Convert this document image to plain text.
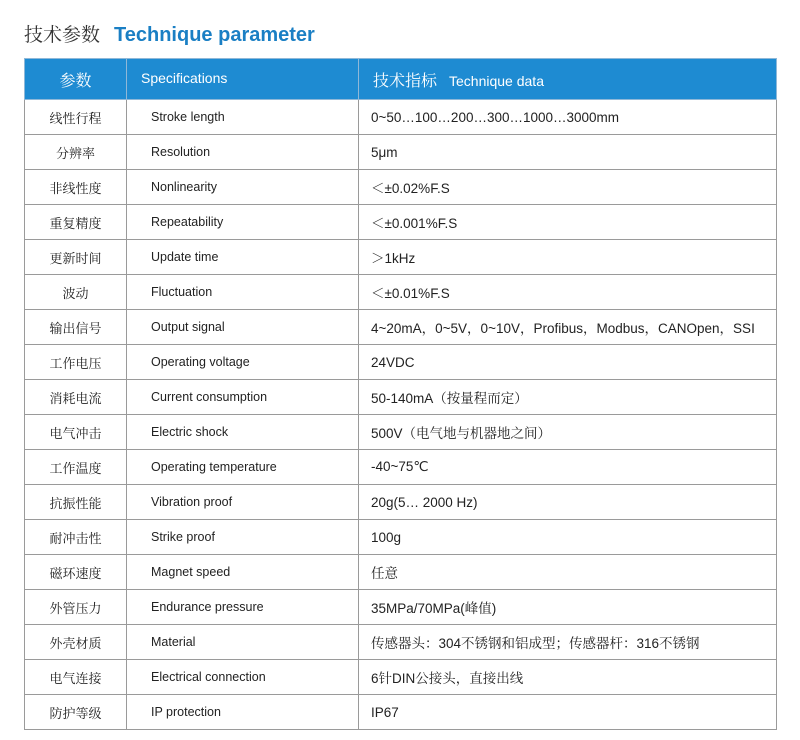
技术参数 Technique parameter
参数	Specifications	技术指标 Technique data
线性行程	Stroke length	0~50…100…200…300…1000…3000mm
分辨率	Resolution	5μm
非线性度	Nonlinearity	＜±0.02%F.S
重复精度	Repeatability	＜±0.001%F.S
更新时间	Update time	＞1kHz
波动	Fluctuation	＜±0.01%F.S
输出信号	Output signal	4~20mA，0~5V，0~10V，Profibus，Modbus，CANOpen，SSI
工作电压	Operating voltage	24VDC
消耗电流	Current consumption	50-140mA（按量程而定）
电气冲击	Electric shock	500V（电气地与机器地之间）
工作温度	Operating temperature	-40~75℃
抗振性能	Vibration proof	20g(5… 2000 Hz)
耐冲击性	Strike proof	100g
磁环速度	Magnet speed	任意
外管压力	Endurance pressure	35MPa/70MPa(峰值)
外壳材质	Material	传感器头：304不锈钢和铝成型；传感器杆：316不锈钢
电气连接	Electrical connection	6针DIN公接头，直接出线
防护等级	IP protection	IP67
